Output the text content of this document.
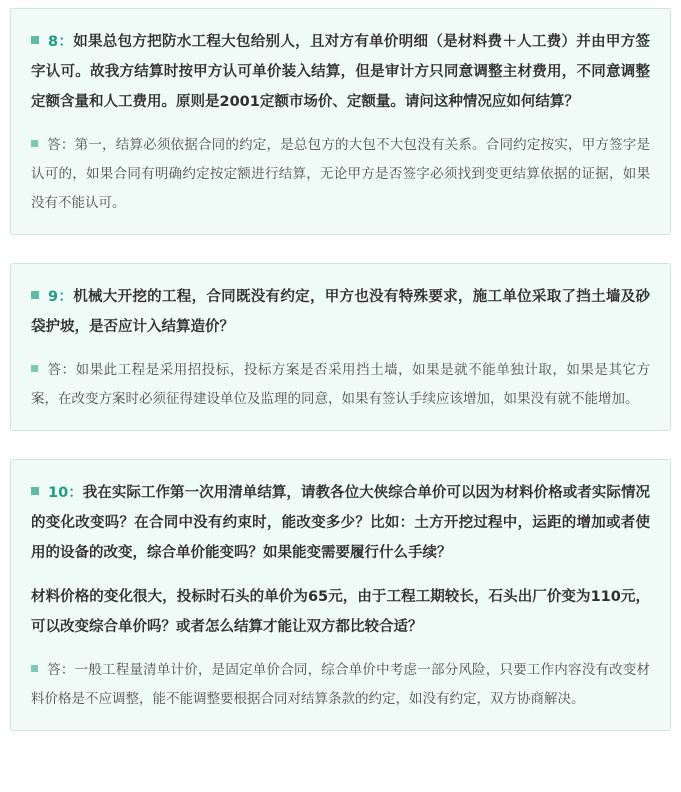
8：如果总包方把防水工程大包给别人，且对方有单价明细（是材料费＋人工费）并由甲方签字认可。故我方结算时按甲方认可单价装入结算，但是审计方只同意调整主材费用，不同意调整定额含量和人工费用。原则是2001定额市场价、定额量。请问这种情况应如何结算？

答：第一，结算必须依据合同的约定，是总包方的大包不大包没有关系。合同约定按实，甲方签字是认可的，如果合同有明确约定按定额进行结算，无论甲方是否签字必须找到变更结算依据的证据，如果没有不能认可。

9：机械大开挖的工程，合同既没有约定，甲方也没有特殊要求，施工单位采取了挡土墙及砂袋护坡，是否应计入结算造价？

答：如果此工程是采用招投标，投标方案是否采用挡土墙，如果是就不能单独计取，如果是其它方案，在改变方案时必须征得建设单位及监理的同意，如果有签认手续应该增加，如果没有就不能增加。

10：我在实际工作第一次用清单结算，请教各位大侠综合单价可以因为材料价格或者实际情况的变化改变吗？在合同中没有约束时，能改变多少？比如：土方开挖过程中，运距的增加或者使用的设备的改变，综合单价能变吗？如果能变需要履行什么手续？

材料价格的变化很大，投标时石头的单价为65元，由于工程工期较长，石头出厂价变为110元，可以改变综合单价吗？或者怎么结算才能让双方都比较合适？

答：一般工程量清单计价，是固定单价合同，综合单价中考虑一部分风险，只要工作内容没有改变材料价格是不应调整，能不能调整要根据合同对结算条款的约定，如没有约定，双方协商解决。
